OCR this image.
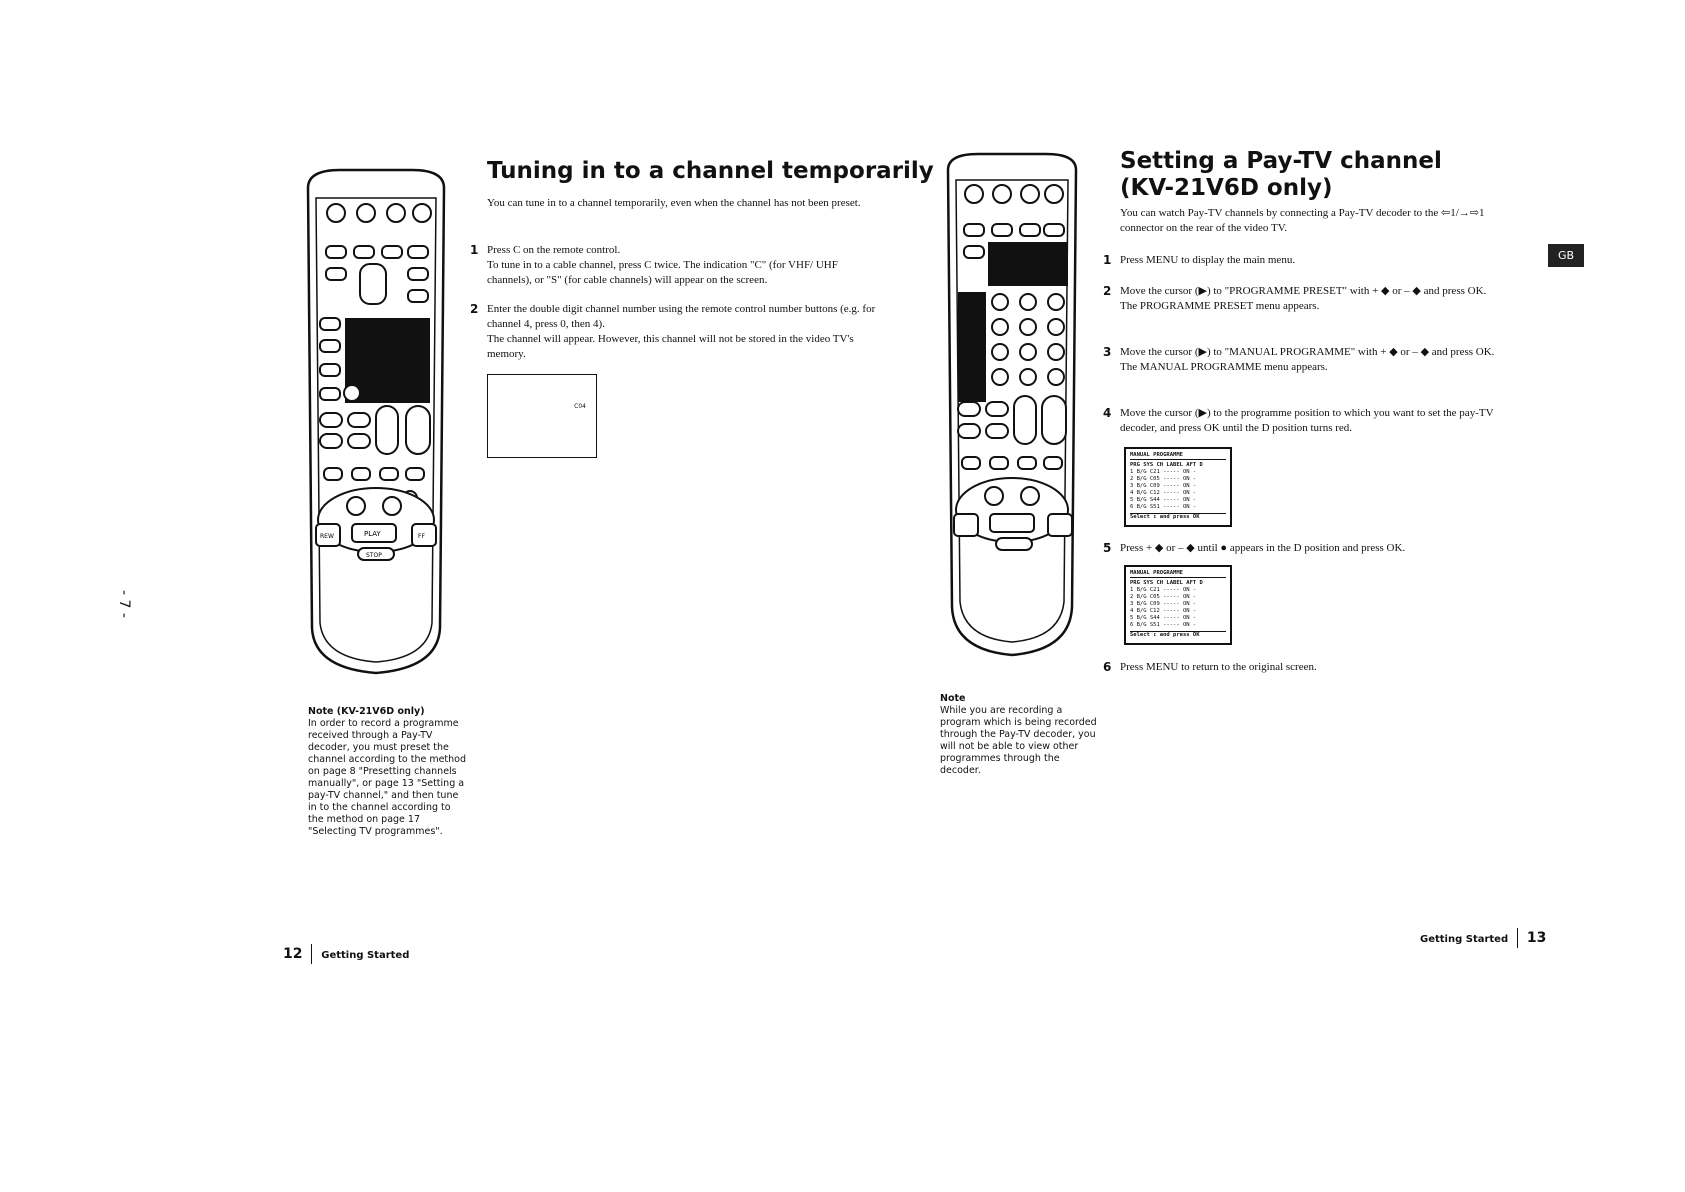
- 7 -
PLAY
STOP
REW	FF
Tuning in to a channel temporarily
You can tune in to a channel temporarily, even when the channel has not been preset.
1 Press C on the remote control.
To tune in to a cable channel, press C twice. The indication "C" (for VHF/ UHF channels), or "S" (for cable channels) will appear on the screen.
2 Enter the double digit channel number using the remote control number buttons (e.g. for channel 4, press 0, then 4).
The channel will appear. However, this channel will not be stored in the video TV's memory.
C04
Note (KV-21V6D only)
In order to record a programme received through a Pay-TV decoder, you must preset the channel according to the method on page 8 "Presetting channels manually", or page 13 "Setting a pay-TV channel," and then tune in to the channel according to the method on page 17 "Selecting TV programmes".
12 Getting Started
Setting a Pay-TV channel (KV-21V6D only)
You can watch Pay-TV channels by connecting a Pay-TV decoder to the ⇦1/→⇨1 connector on the rear of the video TV.
GB
1 Press MENU to display the main menu.
2 Move the cursor (▶) to "PROGRAMME PRESET" with + ◆ or – ◆ and press OK.
The PROGRAMME PRESET menu appears.
3 Move the cursor (▶) to "MANUAL PROGRAMME" with + ◆ or – ◆ and press OK.
The MANUAL PROGRAMME menu appears.
4 Move the cursor (▶) to the programme position to which you want to set the pay-TV decoder, and press OK until the D position turns red.
MANUAL PROGRAMME
PRG SYS CH LABEL AFT D
1 B/G C21 ----- ON -
2 B/G C05 ----- ON -
3 B/G C09 ----- ON -
4 B/G C12 ----- ON -
5 B/G S44 ----- ON -
6 B/G S51 ----- ON -
Select ↕ and press OK
5 Press + ◆ or – ◆ until ● appears in the D position and press OK.
MANUAL PROGRAMME
PRG SYS CH LABEL AFT D
1 B/G C21 ----- ON -
2 B/G C05 ----- ON -
3 B/G C09 ----- ON -
4 B/G C12 ----- ON -
5 B/G S44 ----- ON -
6 B/G S51 ----- ON -
Select ↕ and press OK
6 Press MENU to return to the original screen.
Note
While you are recording a program which is being recorded through the Pay-TV decoder, you will not be able to view other programmes through the decoder.
Getting Started 13
